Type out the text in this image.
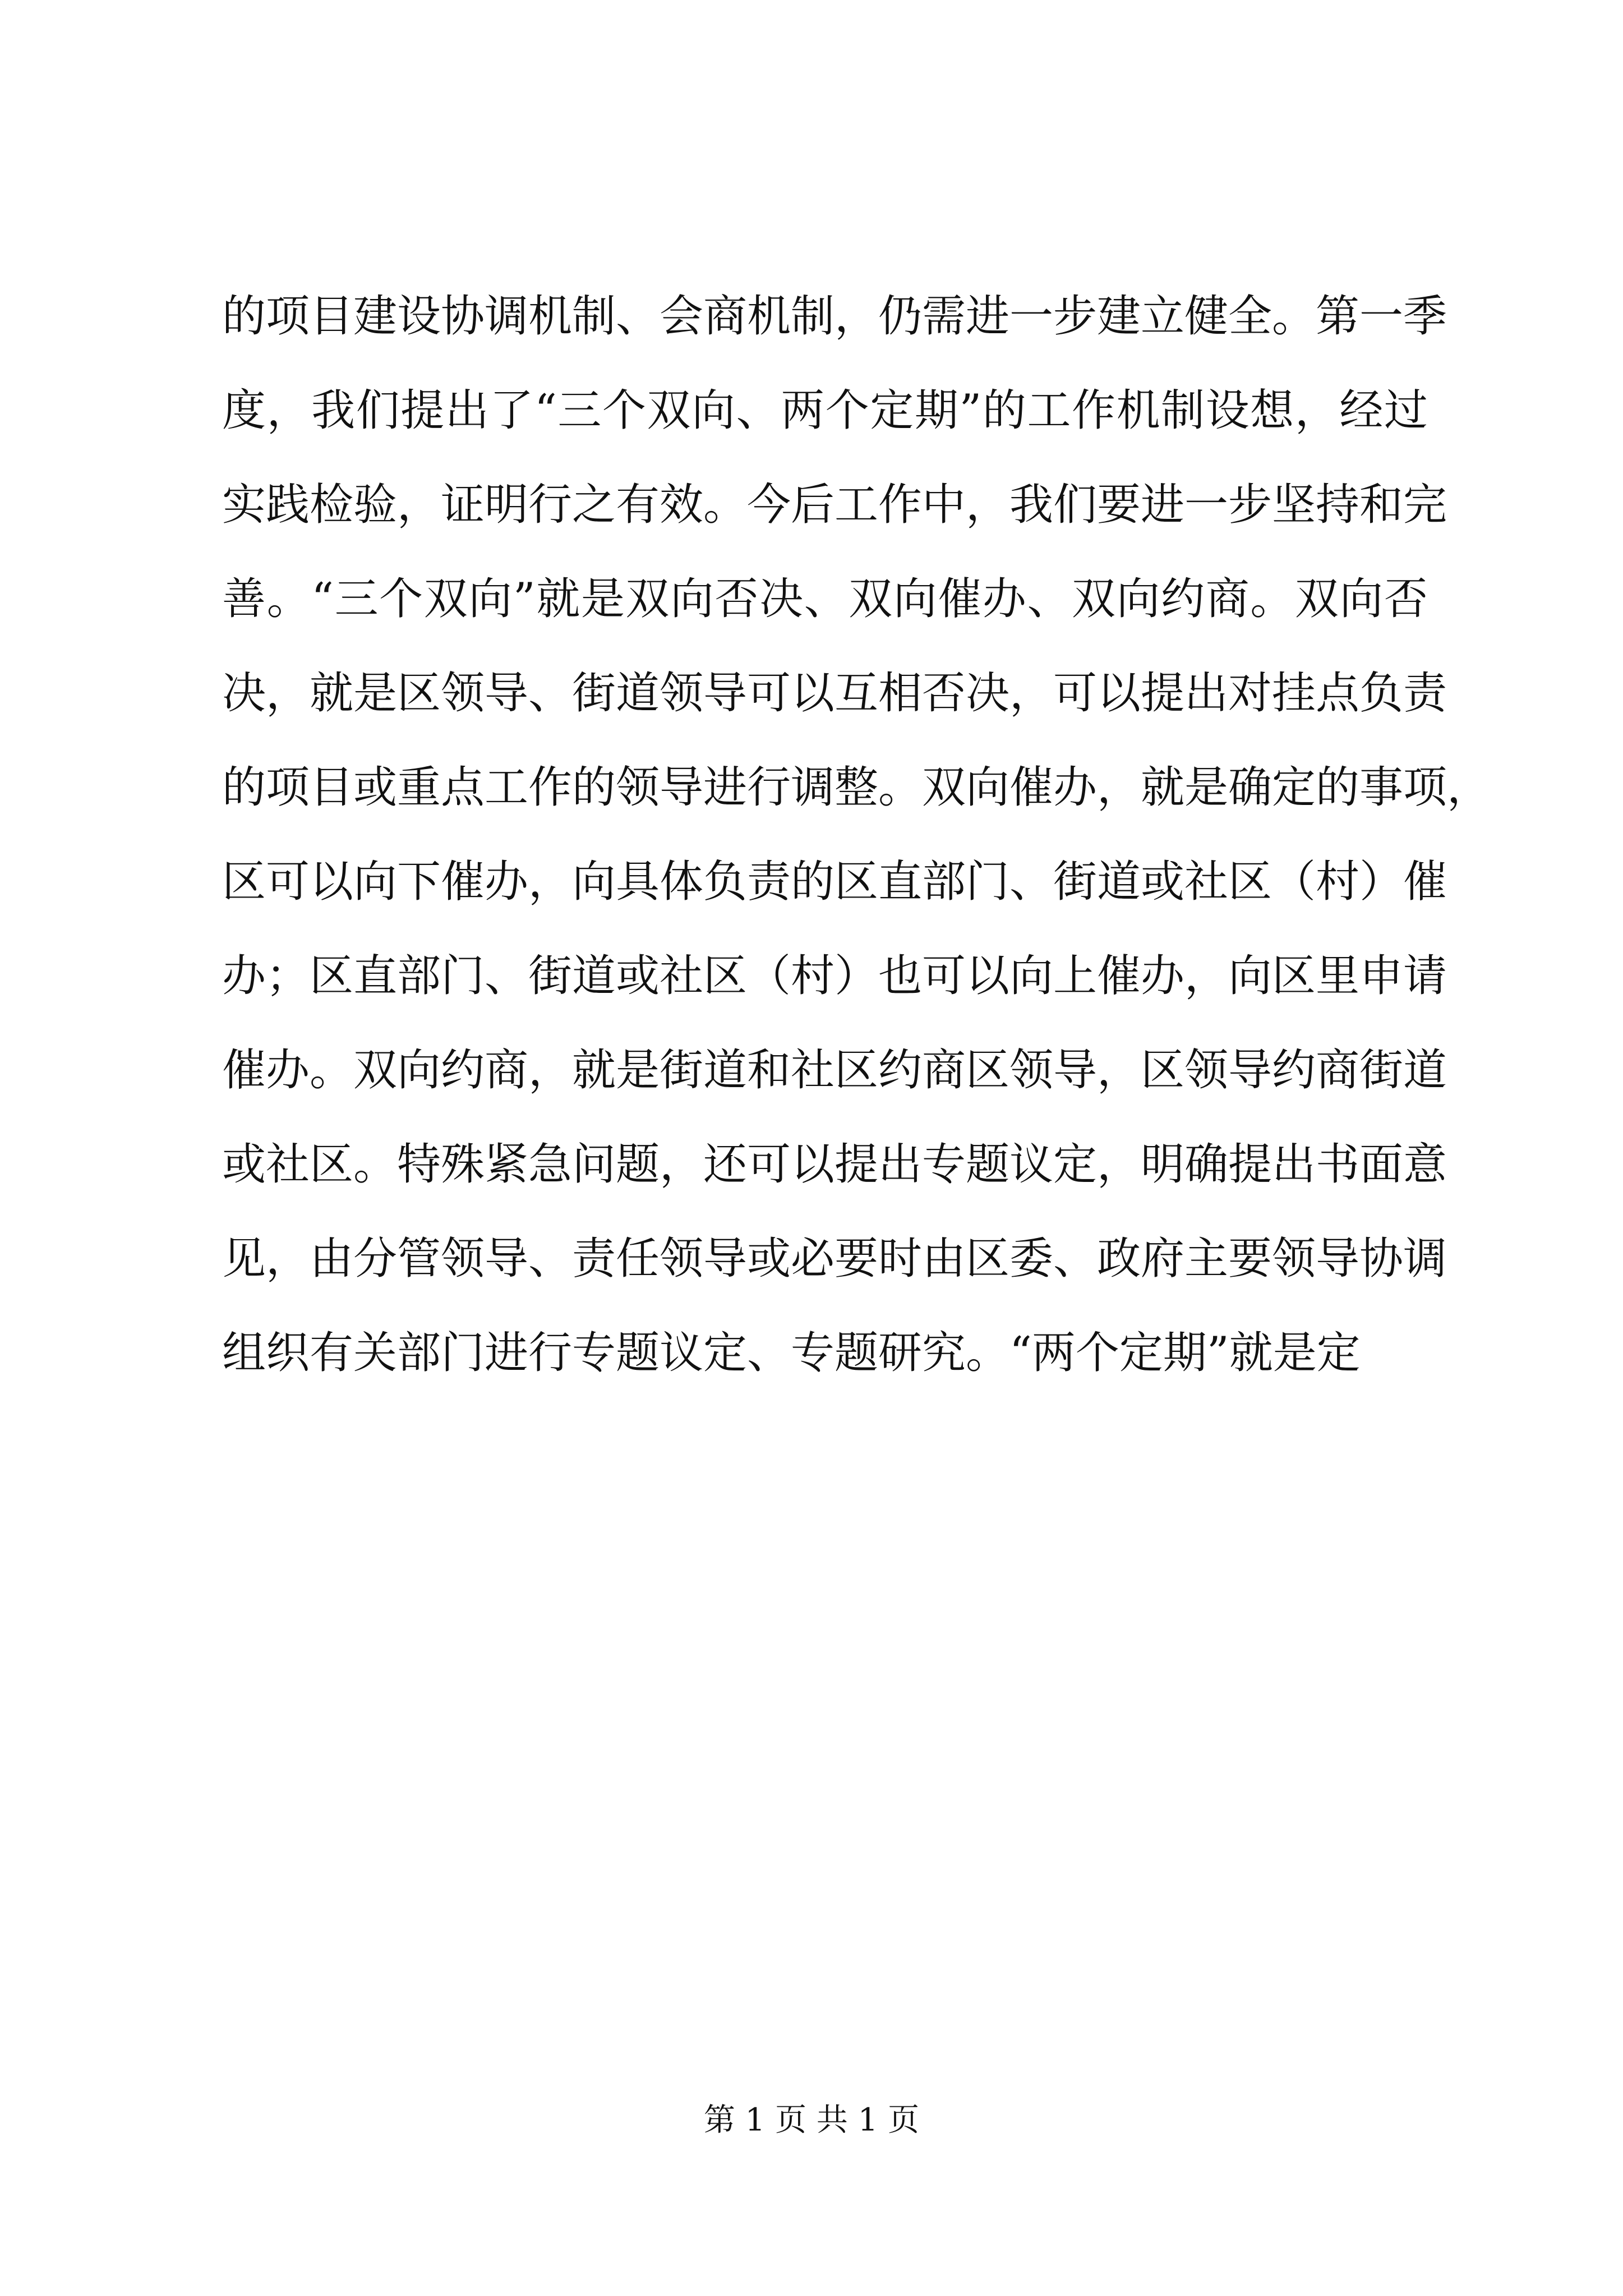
的项目建设协调机制、会商机制，仍需进一步建立健全。第一季
度，我们提出了“三个双向、两个定期”的工作机制设想，经过
实践检验，证明行之有效。今后工作中，我们要进一步坚持和完
善。“三个双向”就是双向否决、双向催办、双向约商。双向否
决，就是区领导、街道领导可以互相否决，可以提出对挂点负责
的项目或重点工作的领导进行调整。双向催办，就是确定的事项，
区可以向下催办，向具体负责的区直部门、街道或社区（村）催
办；区直部门、街道或社区（村）也可以向上催办，向区里申请
催办。双向约商，就是街道和社区约商区领导，区领导约商街道
或社区。特殊紧急问题，还可以提出专题议定，明确提出书面意
见，由分管领导、责任领导或必要时由区委、政府主要领导协调
组织有关部门进行专题议定、专题研究。“两个定期”就是定
第 1 页 共 1 页
